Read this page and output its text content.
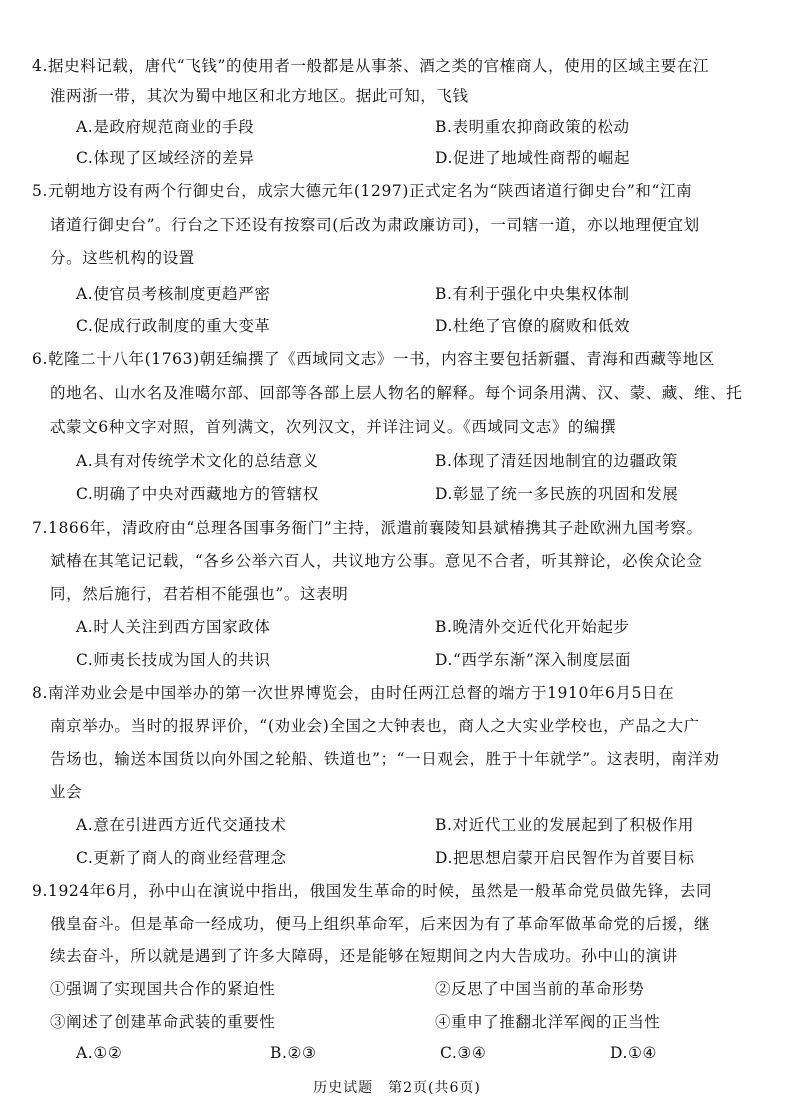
4.据史料记载，唐代“飞钱”的使用者一般都是从事茶、酒之类的官榷商人，使用的区域主要在江
淮两浙一带，其次为蜀中地区和北方地区。据此可知，飞钱
A.是政府规范商业的手段	B.表明重农抑商政策的松动
C.体现了区域经济的差异	D.促进了地域性商帮的崛起
5.元朝地方设有两个行御史台，成宗大德元年(1297)正式定名为“陕西诸道行御史台”和“江南
诸道行御史台”。行台之下还设有按察司(后改为肃政廉访司)，一司辖一道，亦以地理便宜划
分。这些机构的设置
A.使官员考核制度更趋严密	B.有利于强化中央集权体制
C.促成行政制度的重大变革	D.杜绝了官僚的腐败和低效
6.乾隆二十八年(1763)朝廷编撰了《西域同文志》一书，内容主要包括新疆、青海和西藏等地区
的地名、山水名及准噶尔部、回部等各部上层人物名的解释。每个词条用满、汉、蒙、藏、维、托
忒蒙文6种文字对照，首列满文，次列汉文，并详注词义。《西域同文志》的编撰
A.具有对传统学术文化的总结意义	B.体现了清廷因地制宜的边疆政策
C.明确了中央对西藏地方的管辖权	D.彰显了统一多民族的巩固和发展
7.1866年，清政府由“总理各国事务衙门”主持，派遣前襄陵知县斌椿携其子赴欧洲九国考察。
斌椿在其笔记记载，“各乡公举六百人，共议地方公事。意见不合者，听其辩论，必俟众论佥
同，然后施行，君若相不能强也”。这表明
A.时人关注到西方国家政体	B.晚清外交近代化开始起步
C.师夷长技成为国人的共识	D.“西学东渐”深入制度层面
8.南洋劝业会是中国举办的第一次世界博览会，由时任两江总督的端方于1910年6月5日在
南京举办。当时的报界评价，“(劝业会)全国之大钟表也，商人之大实业学校也，产品之大广
告场也，输送本国货以向外国之轮船、铁道也”；“一日观会，胜于十年就学”。这表明，南洋劝
业会
A.意在引进西方近代交通技术	B.对近代工业的发展起到了积极作用
C.更新了商人的商业经营理念	D.把思想启蒙开启民智作为首要目标
9.1924年6月，孙中山在演说中指出，俄国发生革命的时候，虽然是一般革命党员做先锋，去同
俄皇奋斗。但是革命一经成功，便马上组织革命军，后来因为有了革命军做革命党的后援，继
续去奋斗，所以就是遇到了许多大障碍，还是能够在短期间之内大告成功。孙中山的演讲
①强调了实现国共合作的紧迫性	②反思了中国当前的革命形势
③阐述了创建革命武装的重要性	④重申了推翻北洋军阀的正当性
A.①②	B.②③	C.③④	D.①④
历史试题　第2页(共6页)
